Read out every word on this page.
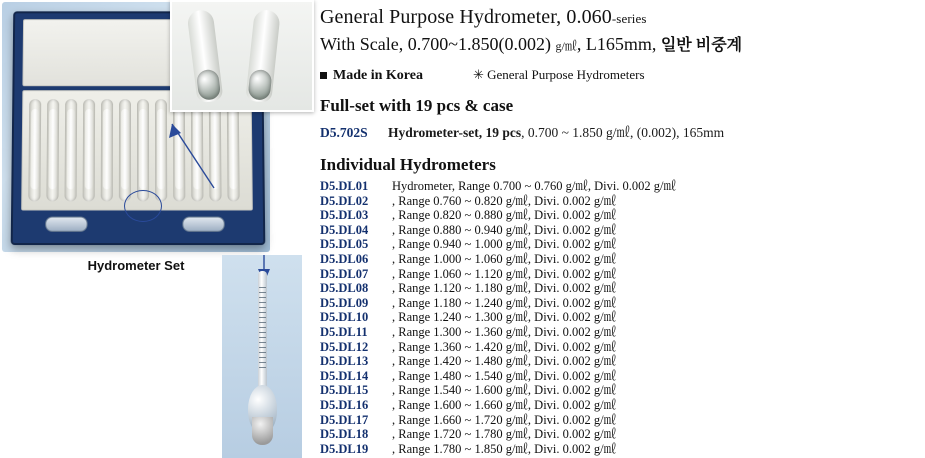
Hydrometer Set
General Purpose Hydrometer, 0.060-series
With Scale, 0.700~1.850(0.002) g/㎖, L165mm, 일반 비중계
Made in Korea	✳ General Purpose Hydrometers
Full-set with 19 pcs & case
D5.702S Hydrometer-set, 19 pcs, 0.700 ~ 1.850 g/㎖, (0.002), 165mm
Individual Hydrometers
D5.DL01	Hydrometer, Range 0.700 ~ 0.760 g/㎖, Divi. 0.002 g/㎖
D5.DL02	, Range 0.760 ~ 0.820 g/㎖, Divi. 0.002 g/㎖
D5.DL03	, Range 0.820 ~ 0.880 g/㎖, Divi. 0.002 g/㎖
D5.DL04	, Range 0.880 ~ 0.940 g/㎖, Divi. 0.002 g/㎖
D5.DL05	, Range 0.940 ~ 1.000 g/㎖, Divi. 0.002 g/㎖
D5.DL06	, Range 1.000 ~ 1.060 g/㎖, Divi. 0.002 g/㎖
D5.DL07	, Range 1.060 ~ 1.120 g/㎖, Divi. 0.002 g/㎖
D5.DL08	, Range 1.120 ~ 1.180 g/㎖, Divi. 0.002 g/㎖
D5.DL09	, Range 1.180 ~ 1.240 g/㎖, Divi. 0.002 g/㎖
D5.DL10	, Range 1.240 ~ 1.300 g/㎖, Divi. 0.002 g/㎖
D5.DL11	, Range 1.300 ~ 1.360 g/㎖, Divi. 0.002 g/㎖
D5.DL12	, Range 1.360 ~ 1.420 g/㎖, Divi. 0.002 g/㎖
D5.DL13	, Range 1.420 ~ 1.480 g/㎖, Divi. 0.002 g/㎖
D5.DL14	, Range 1.480 ~ 1.540 g/㎖, Divi. 0.002 g/㎖
D5.DL15	, Range 1.540 ~ 1.600 g/㎖, Divi. 0.002 g/㎖
D5.DL16	, Range 1.600 ~ 1.660 g/㎖, Divi. 0.002 g/㎖
D5.DL17	, Range 1.660 ~ 1.720 g/㎖, Divi. 0.002 g/㎖
D5.DL18	, Range 1.720 ~ 1.780 g/㎖, Divi. 0.002 g/㎖
D5.DL19	, Range 1.780 ~ 1.850 g/㎖, Divi. 0.002 g/㎖
